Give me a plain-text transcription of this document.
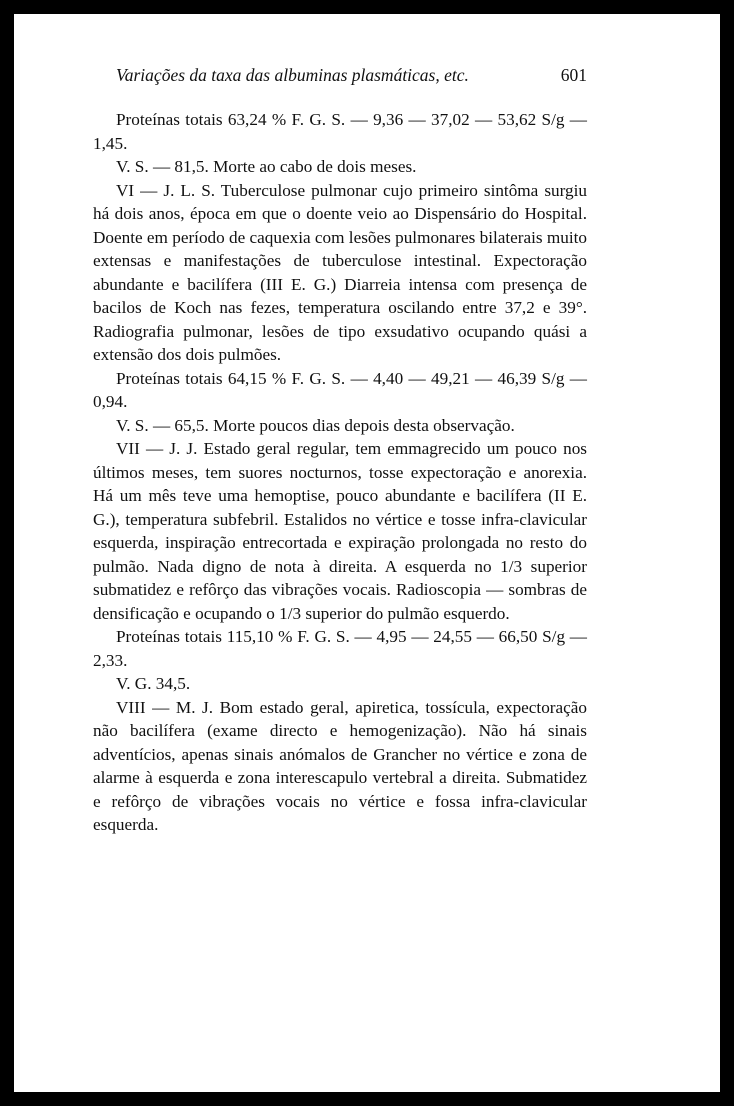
Variações da taxa das albuminas plasmáticas, etc.	601

Proteínas totais 63,24 % F. G. S. — 9,36 — 37,02 — 53,62 S/g — 1,45.

V. S. — 81,5. Morte ao cabo de dois meses.

VI — J. L. S. Tuberculose pulmonar cujo primeiro sintôma surgiu há dois anos, época em que o doente veio ao Dispensário do Hospital. Doente em período de caquexia com lesões pulmonares bilaterais muito extensas e manifestações de tuberculose intestinal. Expectoração abundante e bacilífera (III E. G.) Diarreia intensa com presença de bacilos de Koch nas fezes, temperatura oscilando entre 37,2 e 39°. Radiografia pulmonar, lesões de tipo exsudativo ocupando quási a extensão dos dois pulmões.

Proteínas totais 64,15 % F. G. S. — 4,40 — 49,21 — 46,39 S/g — 0,94.

V. S. — 65,5. Morte poucos dias depois desta observação.

VII — J. J. Estado geral regular, tem emmagrecido um pouco nos últimos meses, tem suores nocturnos, tosse expectoração e anorexia. Há um mês teve uma hemoptise, pouco abundante e bacilífera (II E. G.), temperatura subfebril. Estalidos no vértice e tosse infra-clavicular esquerda, inspiração entrecortada e expiração prolongada no resto do pulmão. Nada digno de nota à direita. A esquerda no 1/3 superior submatidez e refôrço das vibrações vocais. Radioscopia — sombras de densificação e ocupando o 1/3 superior do pulmão esquerdo.

Proteínas totais 115,10 % F. G. S. — 4,95 — 24,55 — 66,50 S/g — 2,33.

V. G. 34,5.

VIII — M. J. Bom estado geral, apiretica, tossícula, expectoração não bacilífera (exame directo e hemogenização). Não há sinais adventícios, apenas sinais anómalos de Grancher no vértice e zona de alarme à esquerda e zona interescapulo vertebral a direita. Submatidez e refôrço de vibrações vocais no vértice e fossa infra-clavicular esquerda.
